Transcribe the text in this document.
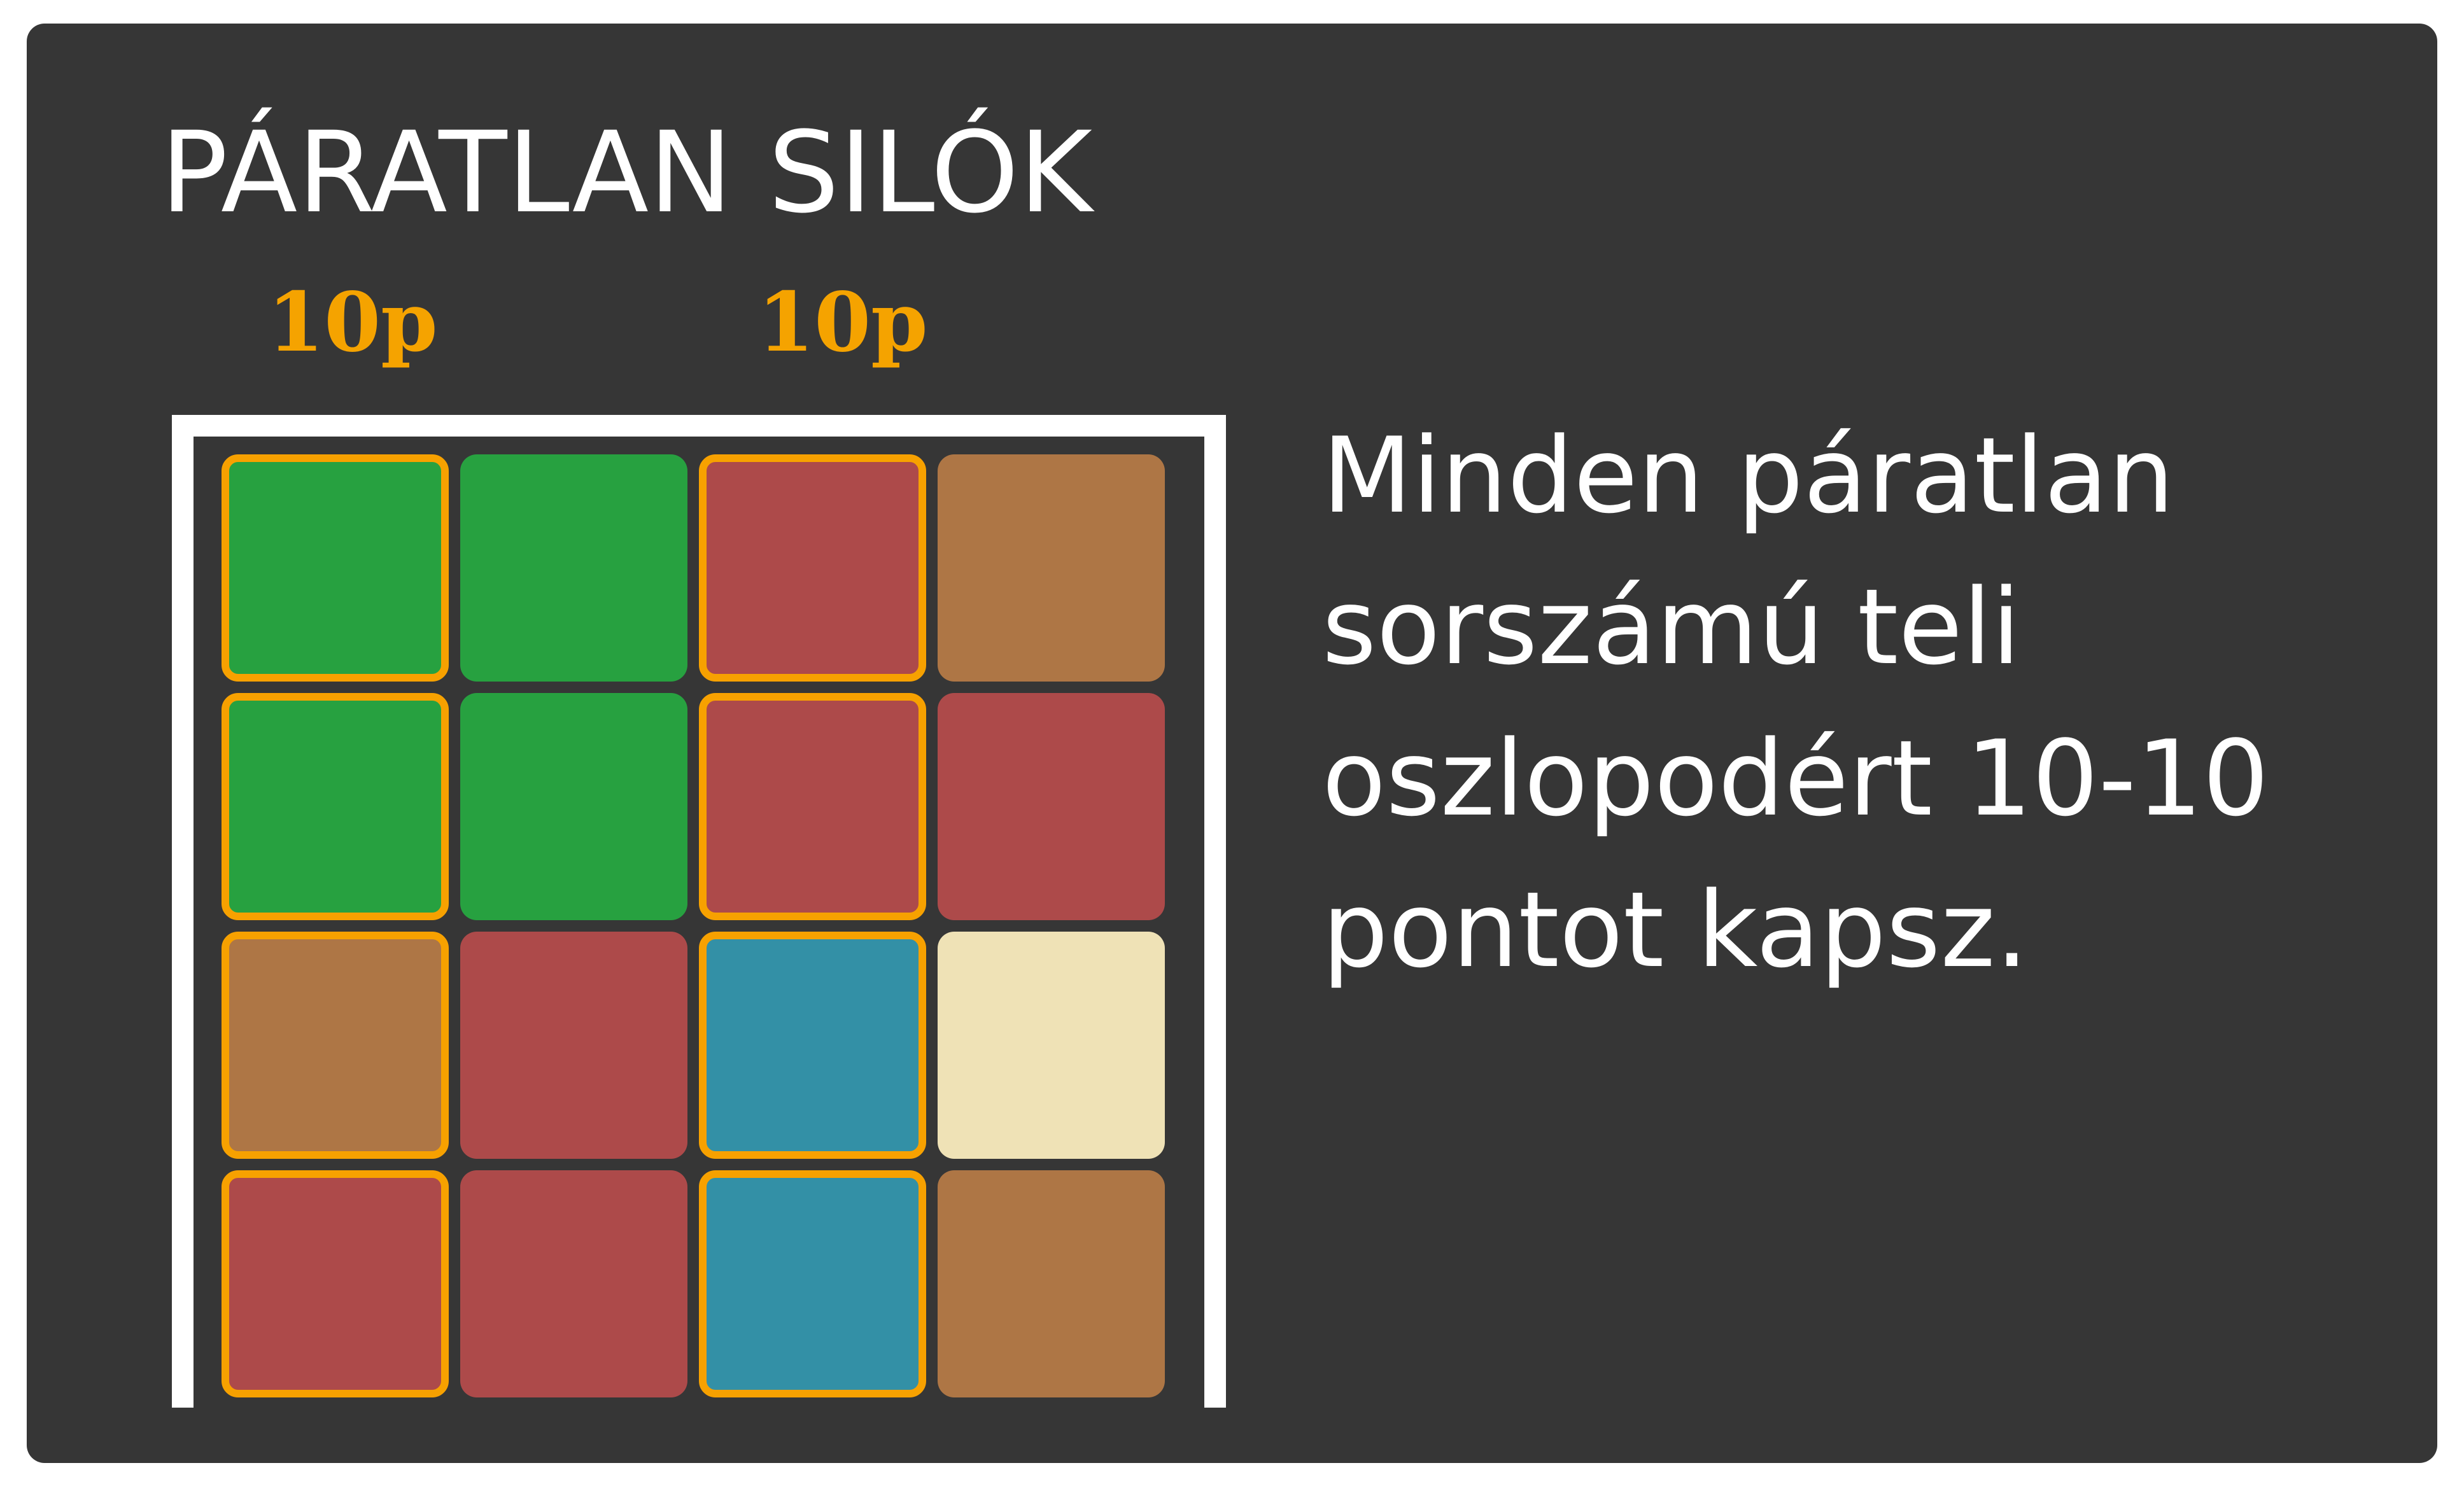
PÁRATLAN SILÓK
10p	10p
Minden páratlan
sorszámú teli
oszlopodért 10-10
pontot kapsz.
